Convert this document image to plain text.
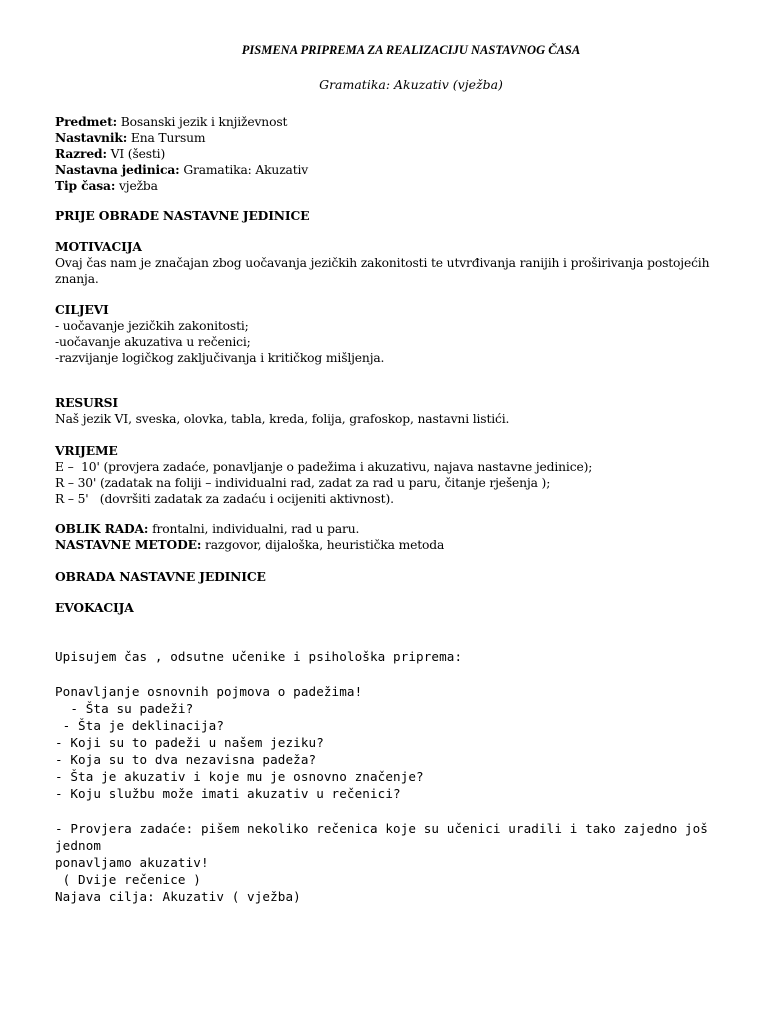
PISMENA PRIPREMA ZA REALIZACIJU NASTAVNOG ČASA
Gramatika: Akuzativ (vježba)
Predmet: Bosanski jezik i književnost
Nastavnik: Ena Tursum
Razred: VI (šesti)
Nastavna jedinica: Gramatika: Akuzativ
Tip časa: vježba
PRIJE OBRADE NASTAVNE JEDINICE
MOTIVACIJA
Ovaj čas nam je značajan zbog uočavanja jezičkih zakonitosti te utvrđivanja ranijih i proširivanja postojećih znanja.
CILJEVI
- uočavanje jezičkih zakonitosti;
-uočavanje akuzativa u rečenici;
-razvijanje logičkog zaključivanja i kritičkog mišljenja.
RESURSI
Naš jezik VI, sveska, olovka, tabla, kreda, folija, grafoskop, nastavni listići.
VRIJEME
E –  10' (provjera zadaće, ponavljanje o padežima i akuzativu, najava nastavne jedinice);
R – 30' (zadatak na foliji – individualni rad, zadat za rad u paru, čitanje rješenja );
R – 5'   (dovršiti zadatak za zadaću i ocijeniti aktivnost).
OBLIK RADA: frontalni, individualni, rad u paru.
NASTAVNE METODE: razgovor, dijaloška, heuristička metoda
OBRADA NASTAVNE JEDINICE
EVOKACIJA
Upisujem čas , odsutne učenike i psihološka priprema:
Ponavljanje osnovnih pojmova o padežima!
- Šta su padeži?
- Šta je deklinacija?
- Koji su to padeži u našem jeziku?
- Koja su to dva nezavisna padeža?
- Šta je akuzativ i koje mu je osnovno značenje?
- Koju službu može imati akuzativ u rečenici?
- Provjera zadaće: pišem nekoliko rečenica koje su učenici uradili i tako zajedno još jednom
ponavljamo akuzativ!
( Dvije rečenice )
Najava cilja: Akuzativ ( vježba)
